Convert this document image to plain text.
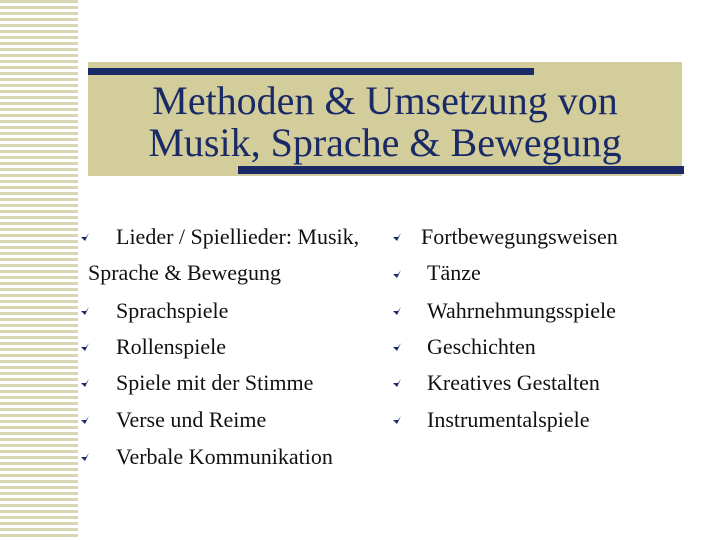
Methoden & Umsetzung von
Musik, Sprache & Bewegung
Lieder / Spiellieder: Musik,
Sprache & Bewegung
Sprachspiele
Rollenspiele
Spiele mit der Stimme
Verse und Reime
Verbale Kommunikation
Fortbewegungsweisen
Tänze
Wahrnehmungsspiele
Geschichten
Kreatives Gestalten
Instrumentalspiele
